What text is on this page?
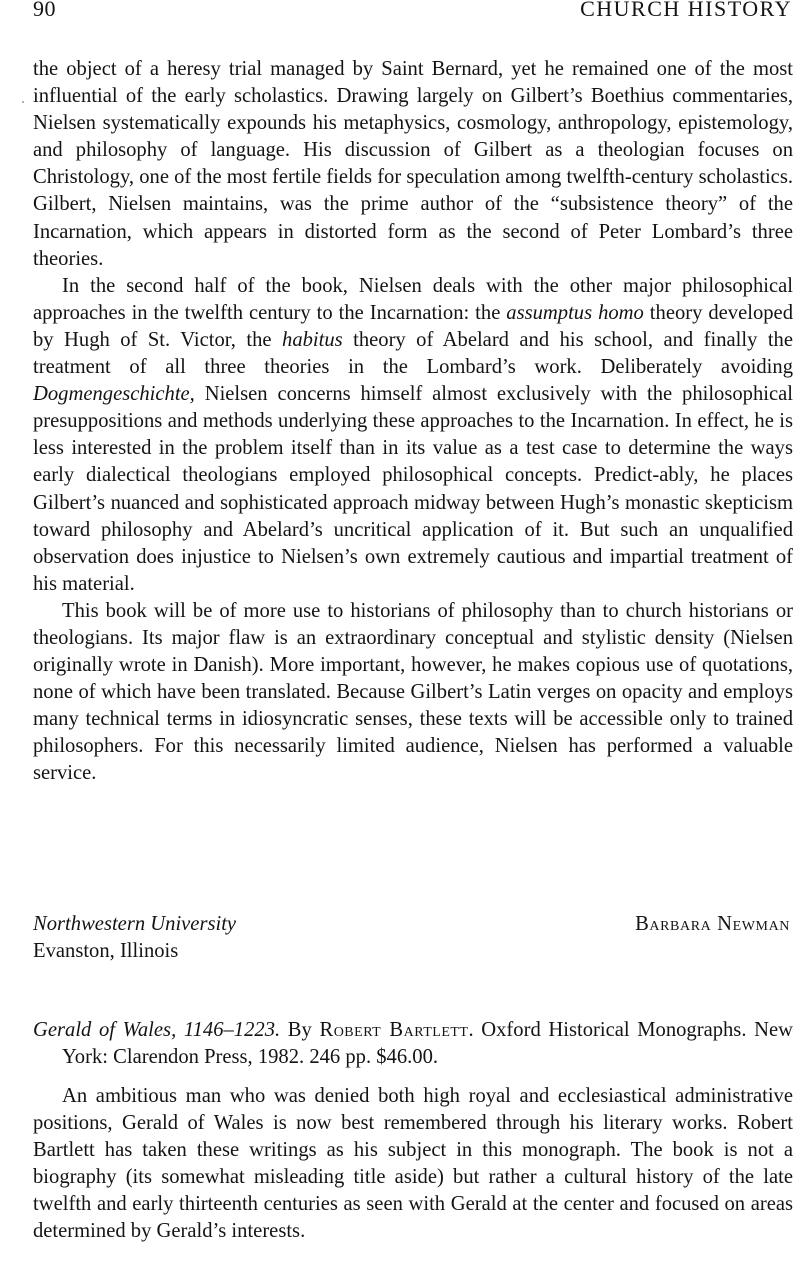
90	CHURCH HISTORY

the object of a heresy trial managed by Saint Bernard, yet he remained one of the most influential of the early scholastics. Drawing largely on Gilbert’s Boethius commentaries, Nielsen systematically expounds his metaphysics, cosmology, anthropology, epistemology, and philosophy of language. His discussion of Gilbert as a theologian focuses on Christology, one of the most fertile fields for speculation among twelfth-century scholastics. Gilbert, Nielsen maintains, was the prime author of the “subsistence theory” of the Incarnation, which appears in distorted form as the second of Peter Lombard’s three theories.

In the second half of the book, Nielsen deals with the other major philosophical approaches in the twelfth century to the Incarnation: the assumptus homo theory developed by Hugh of St. Victor, the habitus theory of Abelard and his school, and finally the treatment of all three theories in the Lombard’s work. Deliberately avoiding Dogmengeschichte, Nielsen concerns himself almost exclusively with the philosophical presuppositions and methods underlying these approaches to the Incarnation. In effect, he is less interested in the problem itself than in its value as a test case to determine the ways early dialectical theologians employed philosophical concepts. Predict-ably, he places Gilbert’s nuanced and sophisticated approach midway between Hugh’s monastic skepticism toward philosophy and Abelard’s uncritical application of it. But such an unqualified observation does injustice to Nielsen’s own extremely cautious and impartial treatment of his material.

This book will be of more use to historians of philosophy than to church historians or theologians. Its major flaw is an extraordinary conceptual and stylistic density (Nielsen originally wrote in Danish). More important, however, he makes copious use of quotations, none of which have been translated. Because Gilbert’s Latin verges on opacity and employs many technical terms in idiosyncratic senses, these texts will be accessible only to trained philosophers. For this necessarily limited audience, Nielsen has performed a valuable service.

Northwestern University
Evanston, Illinois
Barbara Newman
Gerald of Wales, 1146–1223. By Robert Bartlett. Oxford Historical Monographs. New York: Clarendon Press, 1982. 246 pp. $46.00.

An ambitious man who was denied both high royal and ecclesiastical administrative positions, Gerald of Wales is now best remembered through his literary works. Robert Bartlett has taken these writings as his subject in this monograph. The book is not a biography (its somewhat misleading title aside) but rather a cultural history of the late twelfth and early thirteenth centuries as seen with Gerald at the center and focused on areas determined by Gerald’s interests.
